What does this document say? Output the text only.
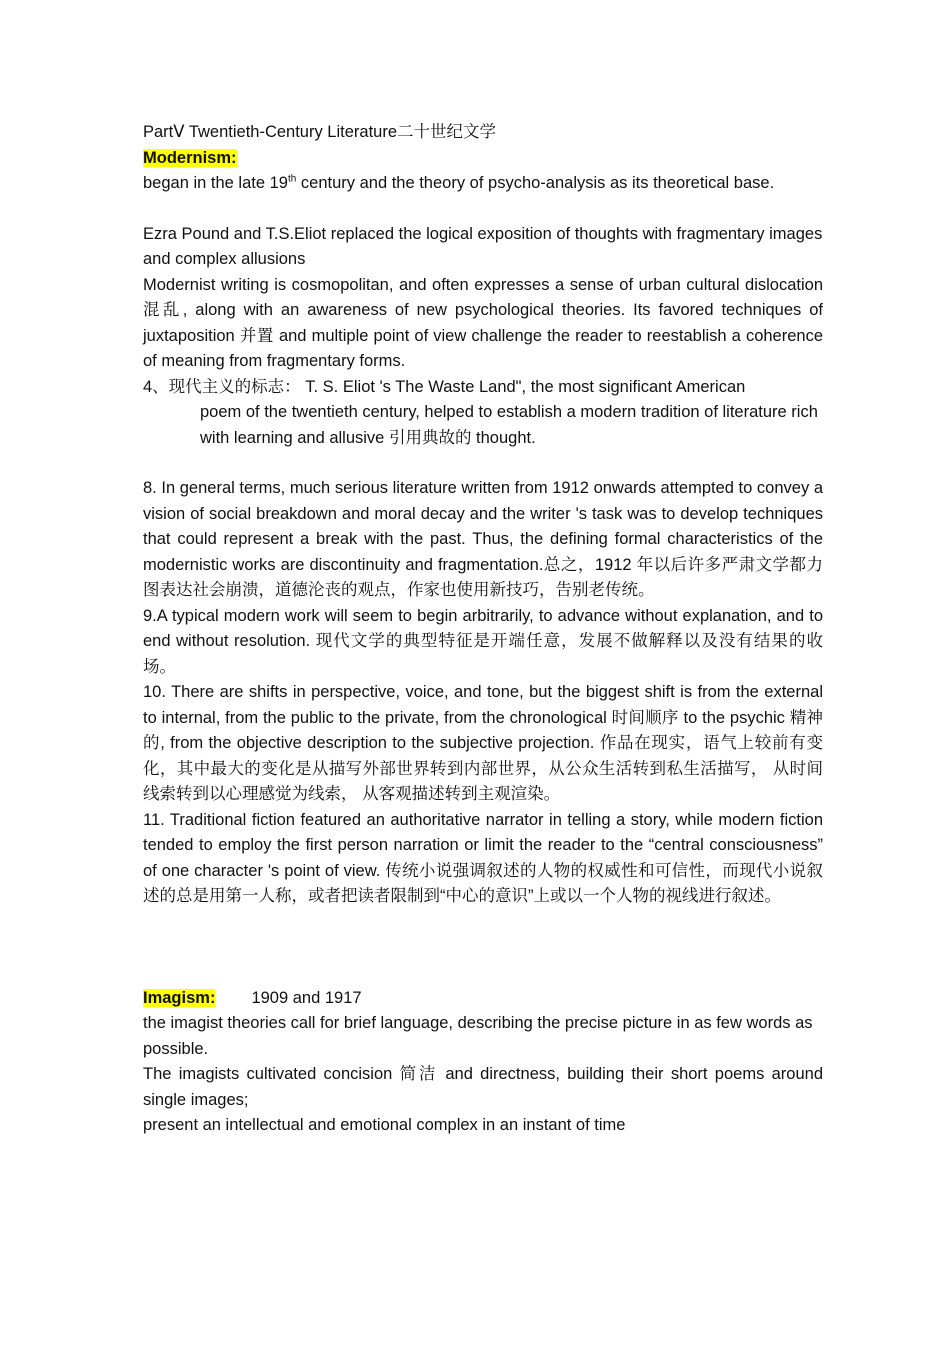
PartⅤ Twentieth-Century Literature二十世纪文学
Modernism:
began in the late 19th century and the theory of psycho-analysis as its theoretical base.

Ezra Pound and T.S.Eliot replaced the logical exposition of thoughts with fragmentary images and complex allusions

Modernist writing is cosmopolitan, and often expresses a sense of urban cultural dislocation 混乱, along with an awareness of new psychological theories. Its favored techniques of juxtaposition 并置 and multiple point of view challenge the reader to reestablish a coherence of meaning from fragmentary forms.

4、现代主义的标志： T. S. Eliot 's The Waste Land", the most significant American

poem of the twentieth century, helped to establish a modern tradition of literature rich with learning and allusive 引用典故的 thought.

8. In general terms, much serious literature written from 1912 onwards attempted to convey a vision of social breakdown and moral decay and the writer 's task was to develop techniques that could represent a break with the past. Thus, the defining formal characteristics of the modernistic works are discontinuity and fragmentation.总之，1912 年以后许多严肃文学都力图表达社会崩溃，道德沦丧的观点，作家也使用新技巧，告别老传统。

9.A typical modern work will seem to begin arbitrarily, to advance without explanation, and to end without resolution. 现代文学的典型特征是开端任意，发展不做解释以及没有结果的收场。

10. There are shifts in perspective, voice, and tone, but the biggest shift is from the external to internal, from the public to the private, from the chronological 时间顺序 to the psychic 精神的, from the objective description to the subjective projection. 作品在现实，语气上较前有变化，其中最大的变化是从描写外部世界转到内部世界，从公众生活转到私生活描写， 从时间线索转到以心理感觉为线索， 从客观描述转到主观渲染。

11. Traditional fiction featured an authoritative narrator in telling a story, while modern fiction tended to employ the first person narration or limit the reader to the “central consciousness” of one character 's point of view. 传统小说强调叙述的人物的权威性和可信性，而现代小说叙述的总是用第一人称，或者把读者限制到“中心的意识”上或以一个人物的视线进行叙述。

Imagism: 1909 and 1917

the imagist theories call for brief language, describing the precise picture in as few words as possible.

The imagists cultivated concision 简洁 and directness, building their short poems around single images;

present an intellectual and emotional complex in an instant of time
